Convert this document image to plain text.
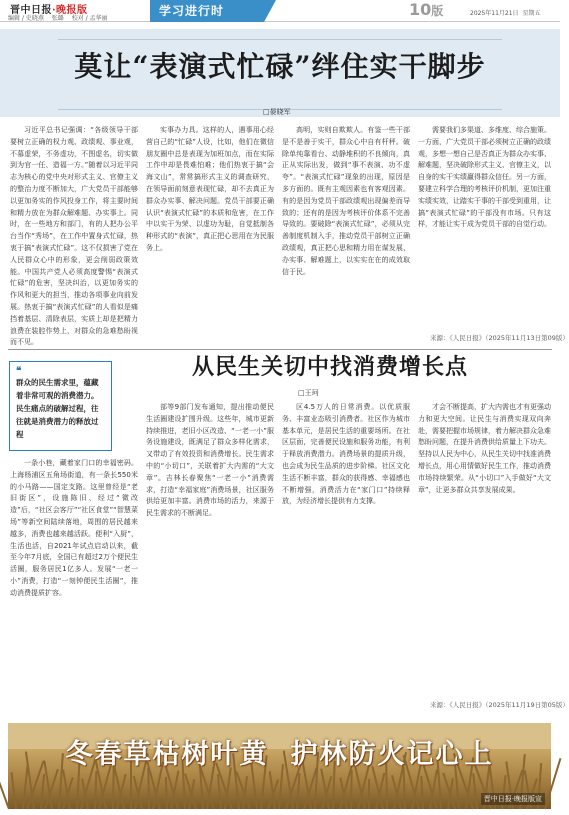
晋中日报·晚报版
编辑 / 史晓燕 张璐 校对 / 孟华丽
学习进行时	10版	2025年11月21日 星期五
莫让“表演式忙碌”绊住实干脚步
□晏晓军

习近平总书记强调：“各级领导干部要树立正确的权力观、政绩观、事业观，不慕虚荣，不务虚功，不图虚名，切实做到为官一任、造福一方。”随着以习近平同志为核心的党中央对形式主义、官僚主义的整治力度不断加大，广大党员干部能够以更加务实的作风投身工作，将主要时间和精力放在为群众解难题、办实事上。同时，在一些地方和部门，有的人把办公平台当作“秀场”，在工作中置身式忙碌，热衷于搞“表演式忙碌”。这不仅损害了党在人民群众心中的形象，更会削弱政策效能。中国共产党人必须高度警惕“表演式忙碌”的危害，坚决纠治，以更加务实的作风和更大的担当，推动各项事业向前发展。热衷于搞“表演式忙碌”的人看似是痛挡着基层、清除表层，实质上却是把精力浪费在装腔作势上，对群众的急难愁盼视而不见。

实事办力具。这样的人，遇事用心经营自己的“忙碌”人设，比如，他们在微信朋友圈中总是表现为加班加点，而在实际工作中却是畏难怕难；他们热衷于搞“会海文山”，常常搞形式主义的调查研究，在领导面前刻意表现忙碌，却不去真正为群众办实事、解决问题。党员干部要正确认识“表演式忙碌”的本质和危害，在工作中以实干为荣、以虚功为耻，自觉抵制各种形式的“表演”，真正把心思用在为民服务上。

高明，实则自欺欺人。有鉴一些干部是不是善于实干，群众心中自有杆秤。破除单纯靠看台、动静堆积的不良倾向，真正从实际出发，做到“事不表演、功不虚夸”。“表演式忙碌”现象的出现，原因是多方面的。既有主观因素也有客观因素。有的是因为党员干部政绩观出现偏差而导致的；还有的是因为考核评价体系不完善导致的。要破除“表演式忙碌”，必须从完善制度机制入手，推动党员干部树立正确政绩观，真正把心思和精力用在谋发展、办实事、解难题上，以实实在在的成效取信于民。

需要我们多渠道、多维度、综合施策。一方面，广大党员干部必须树立正确的政绩观，多想一想自己是否真正为群众办实事、解难题，坚决破除形式主义、官僚主义，以自身的实干实绩赢得群众信任。另一方面，要建立科学合理的考核评价机制，更加注重实绩实效，让踏实干事的干部受到重用，让搞“表演式忙碌”的干部没有市场。只有这样，才能让实干成为党员干部的自觉行动。

来源：《人民日报》（2025年11月13日第09版）
从民生关切中找消费增长点
□王珂
❝
群众的民生需求里，蕴藏着非常可观的消费潜力。民生痛点的破解过程，往往就是消费潜力的释放过程

一条小巷，藏着家门口的幸福密码。上海杨浦区五角场街道，有一条长550米的小马路——国定支路。这里曾经是“老旧街区”，设施陈旧、经过“微改造”后，“社区会客厅”“社区食堂”“智慧菜场”等新空间陆续落地，周围的居民越来越多，消费也越来越活跃。便利“入厨”，生活也活，自2021年试点启动以来，截至今年7月底，全国已有超过2万个便民生活圈，服务居民1亿多人。发展“一老一小”消费，打造“一刻钟便民生活圈”，推动消费提质扩容。

部等9部门发布通知，提出推动便民生活圈建设扩围升级。这些年，城市更新持续推进，老旧小区改造、“一老一小”服务设施建设，既满足了群众多样化需求，又带动了有效投资和消费增长。民生需求中的“小切口”，关联着扩大内需的“大文章”。吉林长春聚焦“一老一小”消费需求，打造“幸福家庭”消费场景，社区服务供给更加丰富。消费市场的活力，来源于民生需求的不断满足。

区4.5万人的日常消费。以优质服务、丰富业态吸引消费者。社区作为城市基本单元，是居民生活的重要场所。在社区层面，完善便民设施和服务功能，有利于释放消费潜力。消费场景的提质升级，也会成为民生品质的进步阶梯。社区文化生活不断丰富，群众的获得感、幸福感也不断增强，消费活力在“家门口”持续释放，为经济增长提供有力支撑。

才会不断提高，扩大内需也才有更强动力和更大空间。让民生与消费实现双向奔赴，需要把握市场规律，着力解决群众急难愁盼问题，在提升消费供给质量上下功夫。坚持以人民为中心，从民生关切中找准消费增长点，用心用情做好民生工作，推动消费市场持续繁荣。从“小切口”入手做好“大文章”，让更多群众共享发展成果。

来源：《人民日报》（2025年11月19日第05版）
冬春草枯树叶黄 护林防火记心上
晋中日报·晚报版宣
